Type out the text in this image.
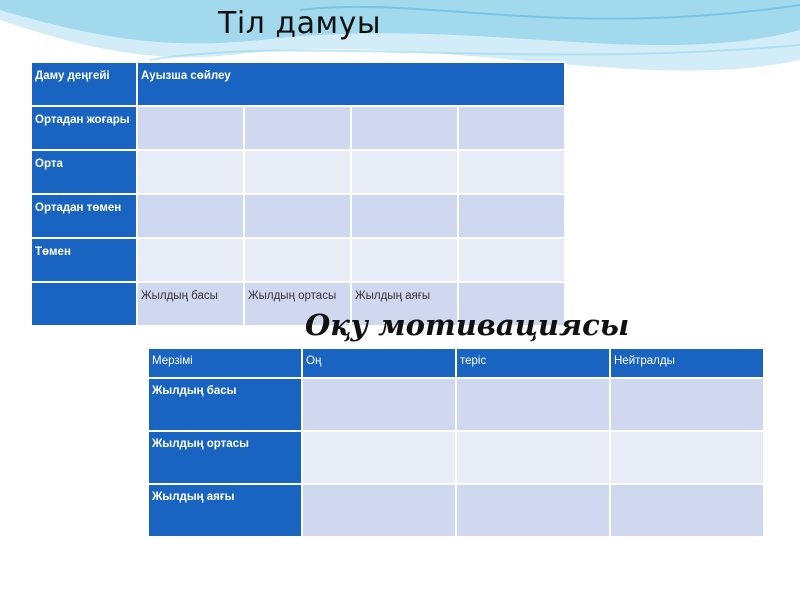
Тіл дамуы
Даму деңгейі	Ауызша сөйлеу			
Ортадан жоғары				
Орта				
Ортадан төмен				
Төмен				
	Жылдың басы	Жылдың ортасы	Жылдың аяғы	
Оқу мотивациясы
Мерзімі	Оң	теріс	Нейтралды
Жылдың басы			
Жылдың ортасы			
Жылдың аяғы			
